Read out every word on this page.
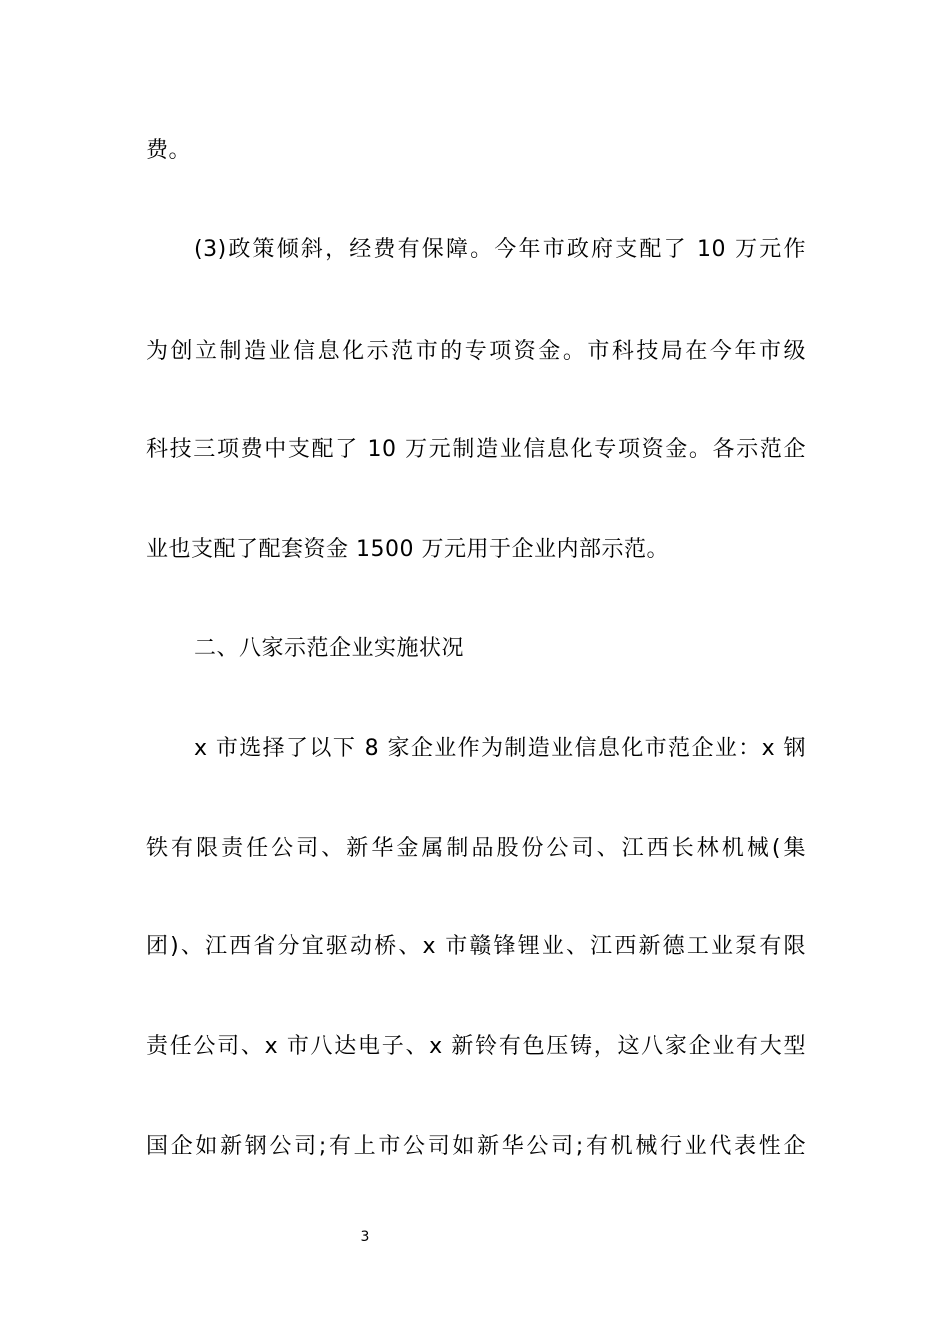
费。
(3)政策倾斜，经费有保障。今年市政府支配了 10 万元作
为创立制造业信息化示范市的专项资金。市科技局在今年市级
科技三项费中支配了 10 万元制造业信息化专项资金。各示范企
业也支配了配套资金 1500 万元用于企业内部示范。
二、八家示范企业实施状况
x 市选择了以下 8 家企业作为制造业信息化市范企业：x 钢
铁有限责任公司、新华金属制品股份公司、江西长林机械(集
团)、江西省分宜驱动桥、x 市赣锋锂业、江西新德工业泵有限
责任公司、x 市八达电子、x 新铃有色压铸，这八家企业有大型
国企如新钢公司;有上市公司如新华公司;有机械行业代表性企
3
